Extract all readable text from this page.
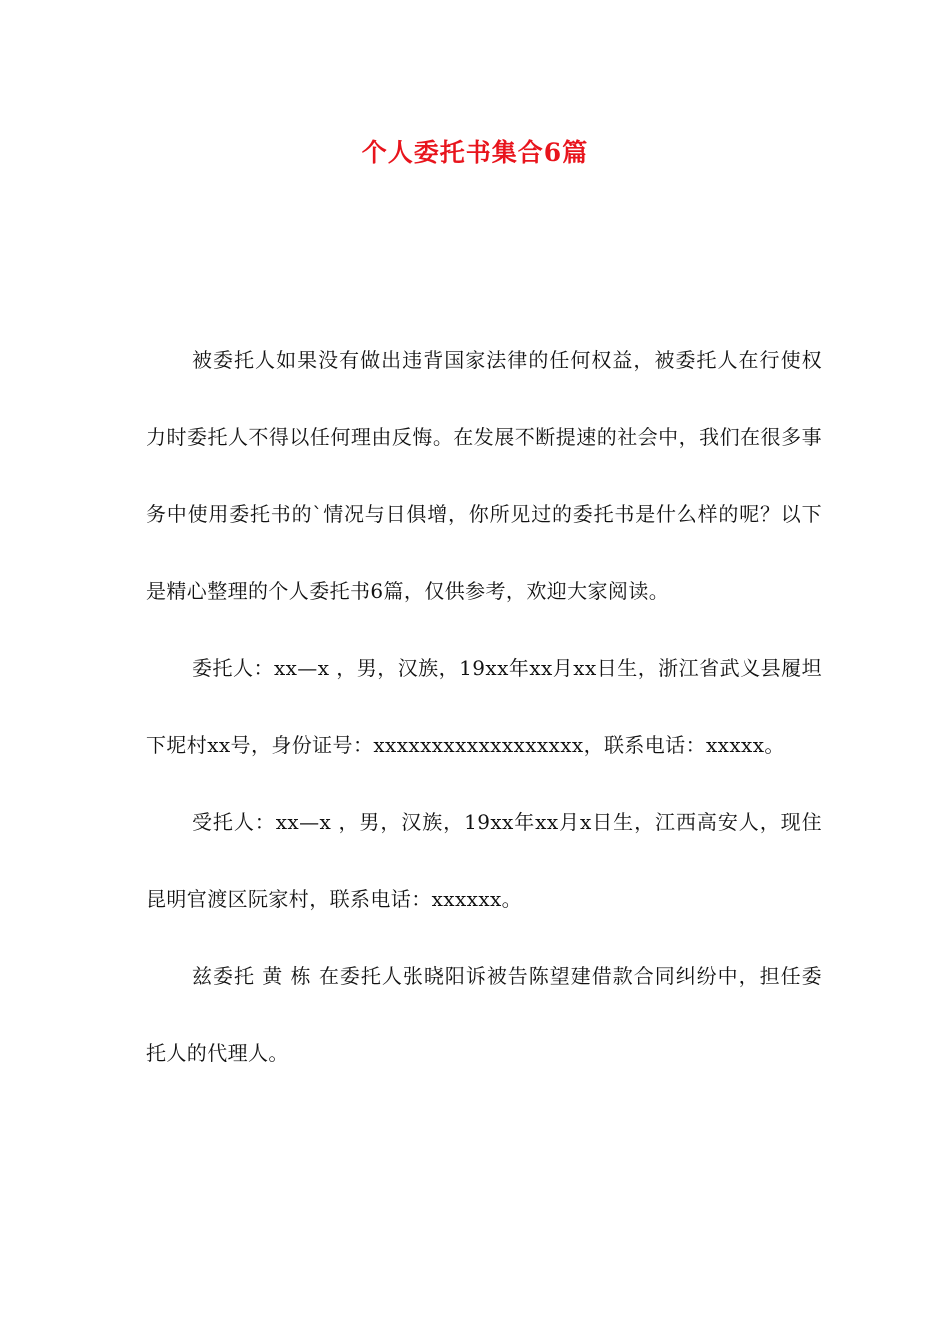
个人委托书集合6篇

被委托人如果没有做出违背国家法律的任何权益，被委托人在行使权力时委托人不得以任何理由反悔。在发展不断提速的社会中，我们在很多事务中使用委托书的`情况与日俱增，你所见过的委托书是什么样的呢？以下是精心整理的个人委托书6篇，仅供参考，欢迎大家阅读。

委托人：xx—x ，男，汉族，19xx年xx月xx日生，浙江省武义县履坦下坭村xx号，身份证号：xxxxxxxxxxxxxxxxxx，联系电话：xxxxx。

受托人：xx—x ，男，汉族，19xx年xx月x日生，江西高安人，现住昆明官渡区阮家村，联系电话：xxxxxx。

兹委托 黄 栋 在委托人张晓阳诉被告陈望建借款合同纠纷中，担任委托人的代理人。
